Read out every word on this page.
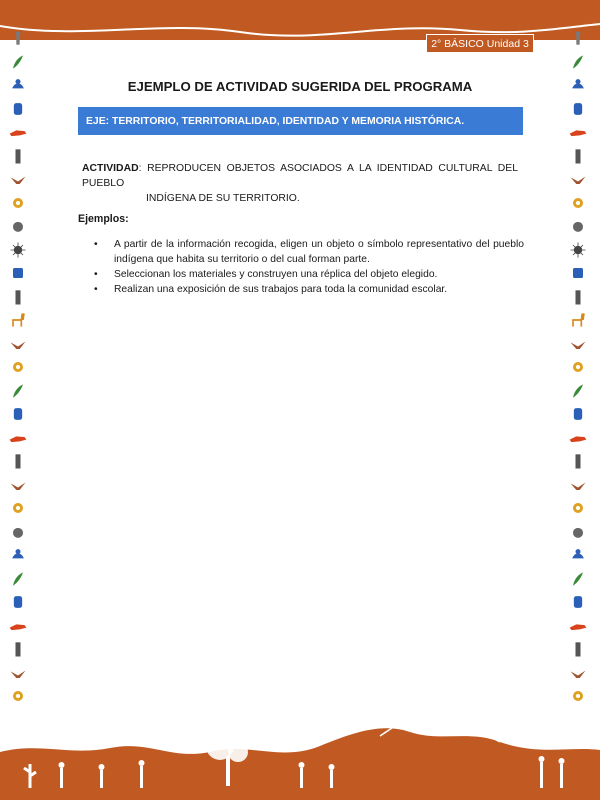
2° BÁSICO Unidad 3
EJEMPLO DE ACTIVIDAD SUGERIDA DEL PROGRAMA
EJE: TERRITORIO, TERRITORIALIDAD, IDENTIDAD Y MEMORIA HISTÓRICA.
ACTIVIDAD: REPRODUCEN OBJETOS ASOCIADOS A LA IDENTIDAD CULTURAL DEL PUEBLO
INDÍGENA DE SU TERRITORIO.
Ejemplos:
• A partir de la información recogida, eligen un objeto o símbolo representativo del pueblo indígena que habita su territorio o del cual forman parte.
• Seleccionan los materiales y construyen una réplica del objeto elegido.
• Realizan una exposición de sus trabajos para toda la comunidad escolar.
